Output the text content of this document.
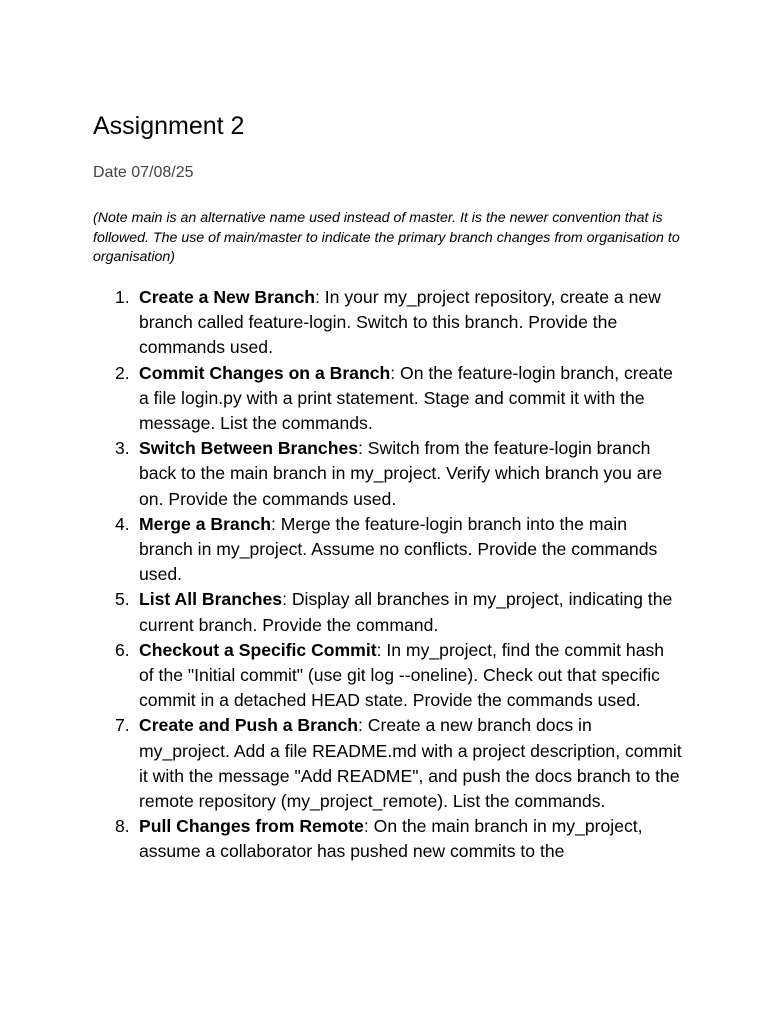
Assignment 2

Date 07/08/25

(Note main is an alternative name used instead of master. It is the newer convention that is followed. The use of main/master to indicate the primary branch changes from organisation to organisation)

1. Create a New Branch: In your my_project repository, create a new branch called feature-login. Switch to this branch. Provide the commands used.
2. Commit Changes on a Branch: On the feature-login branch, create a file login.py with a print statement. Stage and commit it with the message. List the commands.
3. Switch Between Branches: Switch from the feature-login branch back to the main branch in my_project. Verify which branch you are on. Provide the commands used.
4. Merge a Branch: Merge the feature-login branch into the main branch in my_project. Assume no conflicts. Provide the commands used.
5. List All Branches: Display all branches in my_project, indicating the current branch. Provide the command.
6. Checkout a Specific Commit: In my_project, find the commit hash of the "Initial commit" (use git log --oneline). Check out that specific commit in a detached HEAD state. Provide the commands used.
7. Create and Push a Branch: Create a new branch docs in my_project. Add a file README.md with a project description, commit it with the message "Add README", and push the docs branch to the remote repository (my_project_remote). List the commands.
8. Pull Changes from Remote: On the main branch in my_project, assume a collaborator has pushed new commits to the
